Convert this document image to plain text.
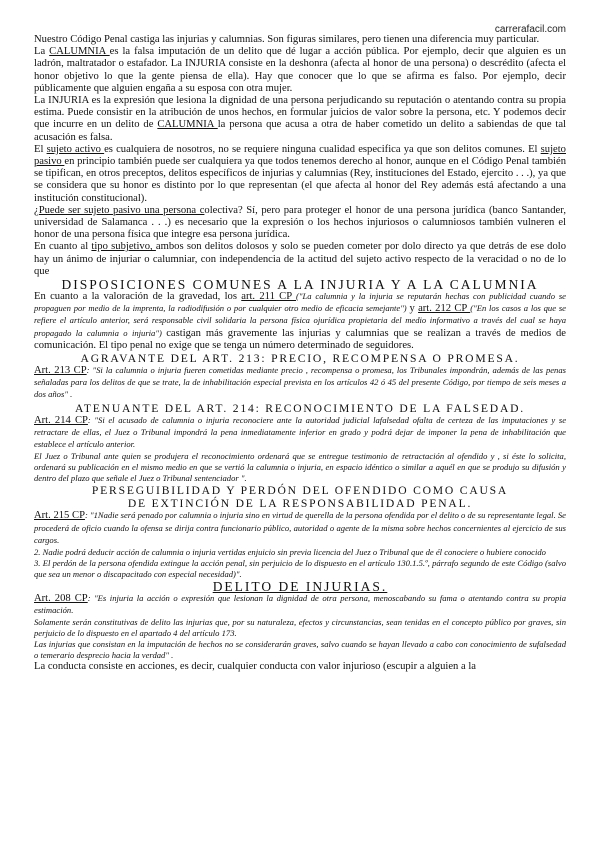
carrerafacil.com

Nuestro Código Penal castiga las injurias y calumnias. Son figuras similares, pero tienen una diferencia muy particular.

La CALUMNIA es la falsa imputación de un delito que dé lugar a acción pública. Por ejemplo, decir que alguien es un ladrón, maltratador o estafador. La INJURIA consiste en la deshonra (afecta al honor de una persona) o descrédito (afecta el honor objetivo lo que la gente piensa de ella). Hay que conocer que lo que se afirma es falso. Por ejemplo, decir públicamente que alguien engaña a su esposa con otra mujer.

La INJURIA es la expresión que lesiona la dignidad de una persona perjudicando su reputación o atentando contra su propia estima. Puede consistir en la atribución de unos hechos, en formular juicios de valor sobre la persona, etc. Y podemos decir que incurre en un delito de CALUMNIA la persona que acusa a otra de haber cometido un delito a sabiendas de que tal acusación es falsa.

El sujeto activo es cualquiera de nosotros, no se requiere ninguna cualidad especifica ya que son delitos comunes. El sujeto pasivo en principio también puede ser cualquiera ya que todos tenemos derecho al honor, aunque en el Código Penal también se tipifican, en otros preceptos, delitos específicos de injurias y calumnias (Rey, instituciones del Estado, ejercito . . .), ya que se considera que su honor es distinto por lo que representan (el que afecta al honor del Rey además está afectando a una institución constitucional).

¿Puede ser sujeto pasivo una persona colectiva? Sí, pero para proteger el honor de una persona jurídica (banco Santander, universidad de Salamanca . . .) es necesario que la expresión o los hechos injuriosos o calumniosos también vulneren el honor de una persona física que integre esa persona jurídica.

En cuanto al tipo subjetivo, ambos son delitos dolosos y solo se pueden cometer por dolo directo ya que detrás de ese dolo hay un ánimo de injuriar o calumniar, con independencia de la actitud del sujeto activo respecto de la veracidad o no de lo que

DISPOSICIONES COMUNES A LA INJURIA Y A LA CALUMNIA

En cuanto a la valoración de la gravedad, los art. 211 CP ("La calumnia y la injuria se reputarán hechas con publicidad cuando se propaguen por medio de la imprenta, la radiodifusión o por cualquier otro medio de eficacia semejante") y art. 212 CP ("En los casos a los que se refiere el artículo anterior, será responsable civil solidaria la persona física ojurídica propietaria del medio informativo a través del cual se haya propagado la calumnia o injuria") castigan más gravemente las injurias y calumnias que se realizan a través de medios de comunicación. El tipo penal no exige que se tenga un número determinado de seguidores.

AGRAVANTE DEL ART. 213: PRECIO, RECOMPENSA O PROMESA.

Art. 213 CP: "Si la calumnia o injuria fueren cometidas mediante precio , recompensa o promesa, los Tribunales impondrán, además de las penas señaladas para los delitos de que se trate, la de inhabilitación especial prevista en los artículos 42 ó 45 del presente Código, por tiempo de seis meses a dos años" .

ATENUANTE DEL ART. 214: RECONOCIMIENTO DE LA FALSEDAD.

Art. 214 CP: "Si el acusado de calumnia o injuria reconociere ante la autoridad judicial lafalsedad ofalta de certeza de las imputaciones y se retractare de ellas, el Juez o Tribunal impondrá la pena inmediatamente inferior en grado y podrá dejar de imponer la pena de inhabilitación que establece el artículo anterior.

El Juez o Tribunal ante quien se produjera el reconocimiento ordenará que se entregue testimonio de retractación al ofendido y , si éste lo solicita, ordenará su publicación en el mismo medio en que se vertió la calumnia o injuria, en espacio idéntico o similar a aquél en que se produjo su difusión y dentro del plazo que señale el Juez o Tribunal sentenciador ".

PERSEGUIBILIDAD Y PERDÓN DEL OFENDIDO COMO CAUSA
DE EXTINCIÓN DE LA RESPONSABILIDAD PENAL.

Art. 215 CP: "1Nadie será penado por calumnia o injuria sino en virtud de querella de la persona ofendida por el delito o de su representante legal. Se procederá de oficio cuando la ofensa se dirija contra funcionario público, autoridad o agente de la misma sobre hechos concernientes al ejercicio de sus cargos.

2. Nadie podrá deducir acción de calumnia o injuria vertidas enjuicio sin previa licencia del Juez o Tribunal que de él conociere o hubiere conocido

3. El perdón de la persona ofendida extingue la acción penal, sin perjuicio de lo dispuesto en el artículo 130.1.5.º, párrafo segundo de este Código (salvo que sea un menor o discapacitado con especial necesidad)".

DELITO DE INJURIAS.

Art. 208 CP: "Es injuria la acción o expresión que lesionan la dignidad de otra persona, menoscabando su fama o atentando contra su propia estimación.

Solamente serán constitutivas de delito las injurias que, por su naturaleza, efectos y circunstancias, sean tenidas en el concepto público por graves, sin perjuicio de lo dispuesto en el apartado 4 del artículo 173.

Las injurias que consistan en la imputación de hechos no se considerarán graves, salvo cuando se hayan llevado a cabo con conocimiento de sufalsedad o temerario desprecio hacia la verdad" .

La conducta consiste en acciones, es decir, cualquier conducta con valor injurioso (escupir a alguien a la
